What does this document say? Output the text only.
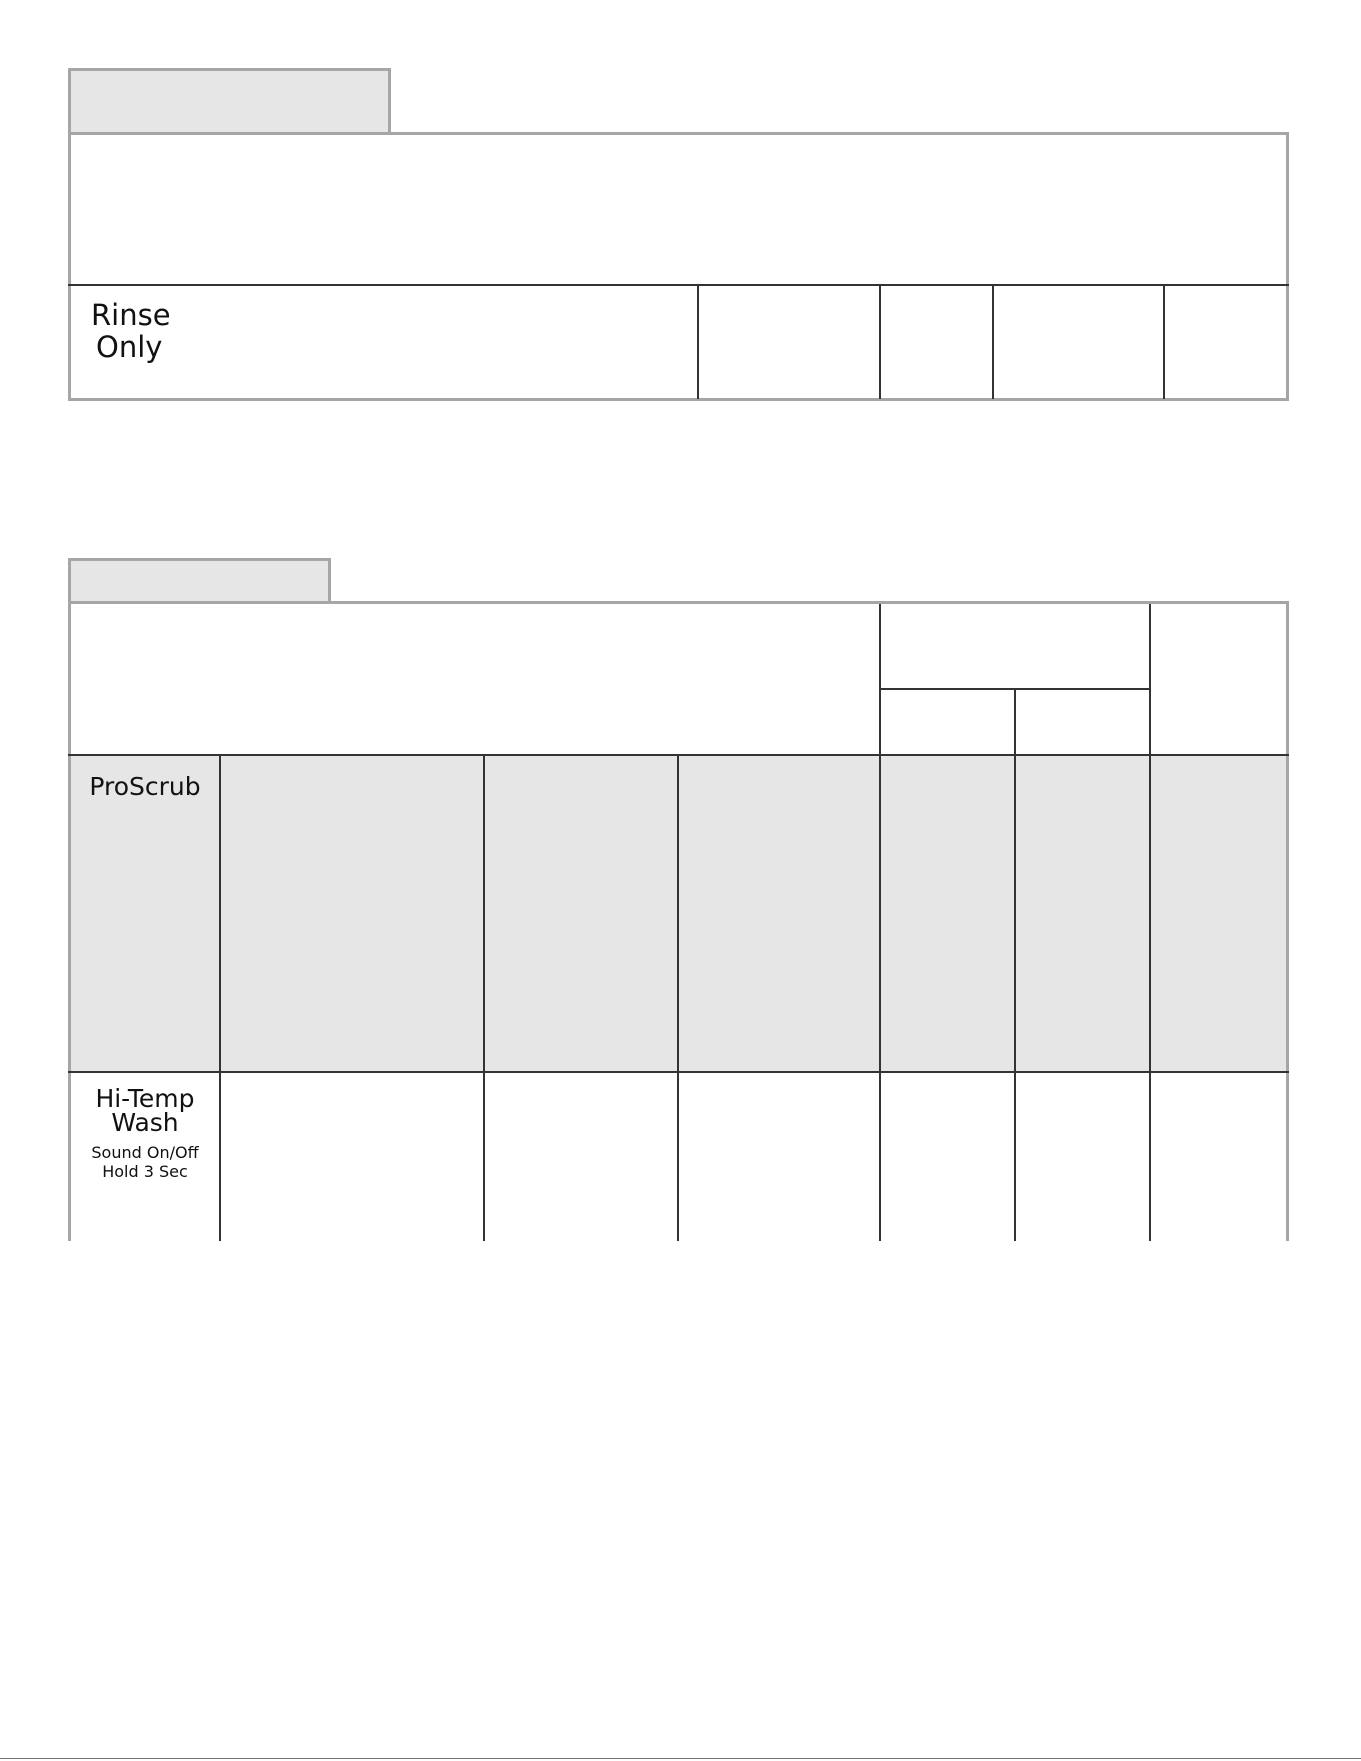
Rinse
Only
ProScrub
Hi-Temp
Wash
Sound On/Off
Hold 3 Sec
